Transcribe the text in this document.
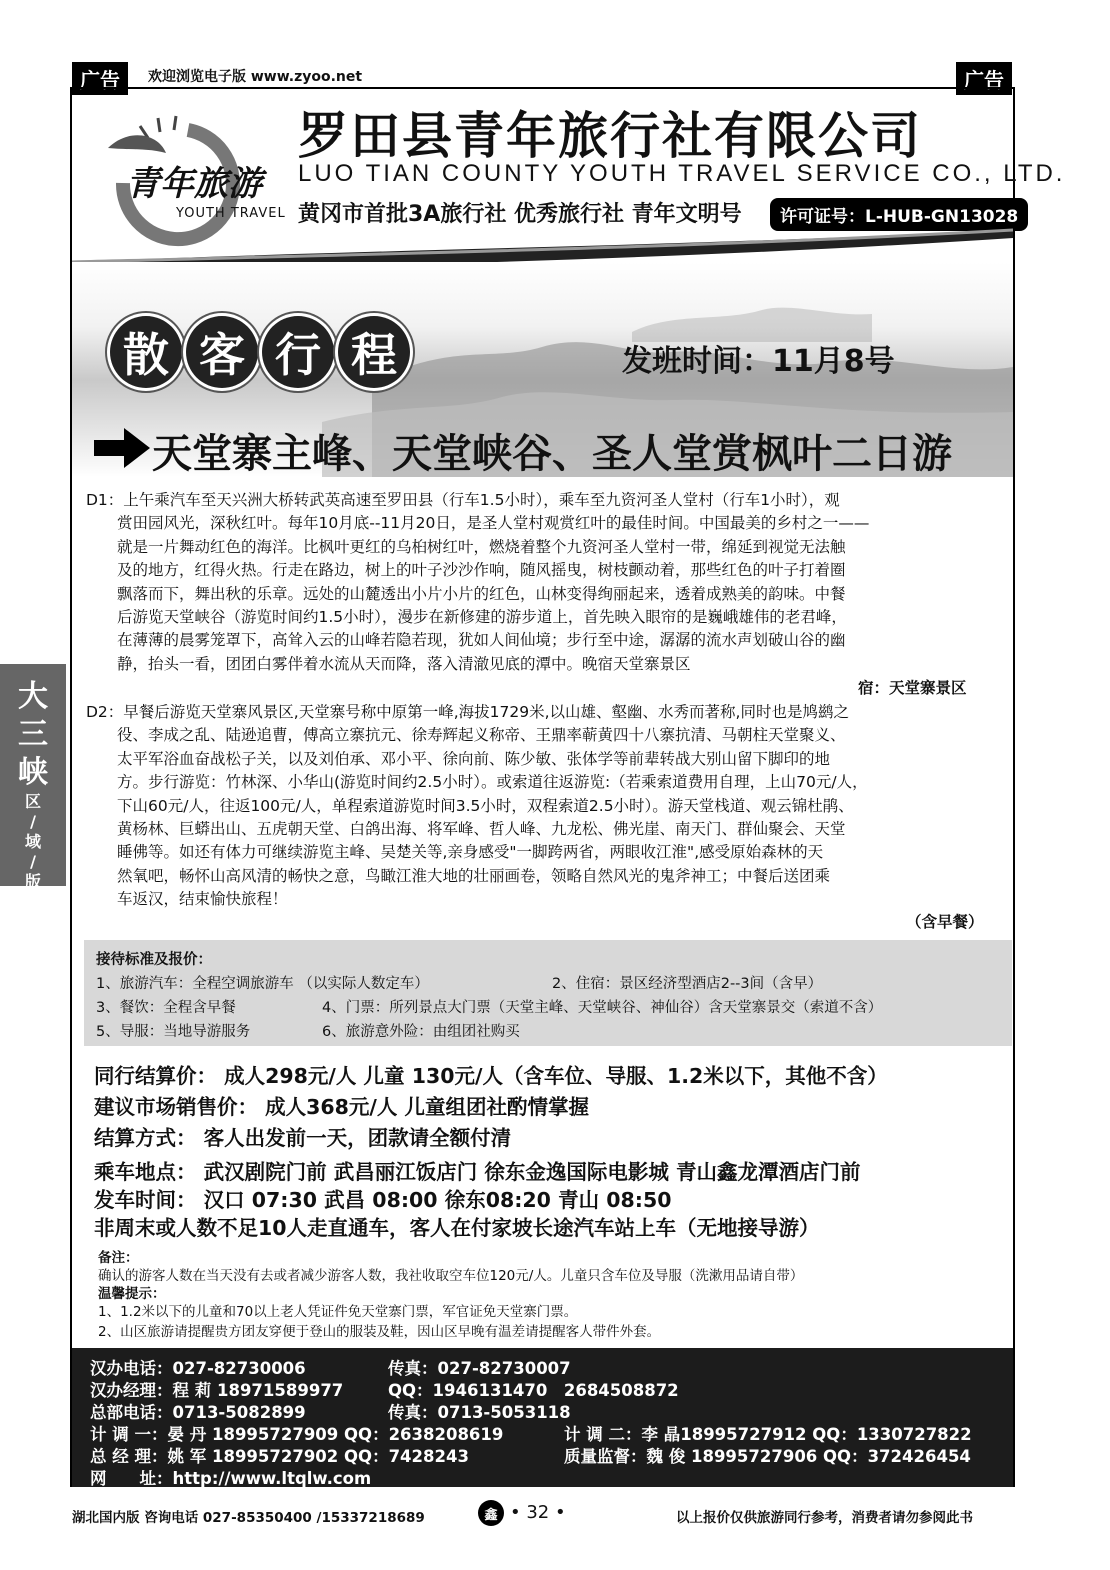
广告	欢迎浏览电子版 www.zyoo.net	广告
青年旅游
YOUTH TRAVEL
罗田县青年旅行社有限公司
LUO TIAN COUNTY YOUTH TRAVEL SERVICE CO., LTD.
黄冈市首批3A旅行社 优秀旅行社 青年文明号	许可证号：L-HUB-GN13028
散 客 行 程	发班时间：11月8号
天堂寨主峰、天堂峡谷、圣人堂赏枫叶二日游

D1：上午乘汽车至天兴洲大桥转武英高速至罗田县（行车1.5小时），乘车至九资河圣人堂村（行车1小时），观

　　赏田园风光，深秋红叶。每年10月底--11月20日，是圣人堂村观赏红叶的最佳时间。中国最美的乡村之一——

　　就是一片舞动红色的海洋。比枫叶更红的乌桕树红叶，燃烧着整个九资河圣人堂村一带，绵延到视觉无法触

　　及的地方，红得火热。行走在路边，树上的叶子沙沙作响，随风摇曳，树枝颤动着，那些红色的叶子打着圈

　　飘落而下，舞出秋的乐章。远处的山麓透出小片小片的红色，山林变得绚丽起来，透着成熟美的韵味。中餐

　　后游览天堂峡谷（游览时间约1.5小时），漫步在新修建的游步道上，首先映入眼帘的是巍峨雄伟的老君峰，

　　在薄薄的晨雾笼罩下，高耸入云的山峰若隐若现，犹如人间仙境；步行至中途，潺潺的流水声划破山谷的幽

　　静，抬头一看，团团白雾伴着水流从天而降，落入清澈见底的潭中。晚宿天堂寨景区

宿：天堂寨景区

D2：早餐后游览天堂寨风景区,天堂寨号称中原第一峰,海拔1729米,以山雄、壑幽、水秀而著称,同时也是鸠鹚之

　　役、李成之乱、陆逊追曹，傅高立寨抗元、徐寿辉起义称帝、王鼎率蕲黄四十八寨抗清、马朝柱天堂聚义、

　　太平军浴血奋战松子关，以及刘伯承、邓小平、徐向前、陈少敏、张体学等前辈转战大别山留下脚印的地

　　方。步行游览：竹林深、小华山(游览时间约2.5小时）。或索道往返游览:（若乘索道费用自理，上山70元/人，

　　下山60元/人，往返100元/人，单程索道游览时间3.5小时，双程索道2.5小时）。游天堂栈道、观云锦杜鹃、

　　黄杨林、巨蟒出山、五虎朝天堂、白鸽出海、将军峰、哲人峰、九龙松、佛光崖、南天门、群仙聚会、天堂

　　睡佛等。如还有体力可继续游览主峰、吴楚关等,亲身感受"一脚跨两省，两眼收江淮",感受原始森林的天

　　然氧吧，畅怀山高风清的畅快之意，鸟瞰江淮大地的壮丽画卷，领略自然风光的鬼斧神工；中餐后送团乘

　　车返汉，结束愉快旅程！

（含早餐）
大
三
峡
区
/
域
/
版
接待标准及报价：
1、旅游汽车：全程空调旅游车 （以实际人数定车）	2、住宿：景区经济型酒店2--3间（含早）
3、餐饮：全程含早餐	4、门票：所列景点大门票（天堂主峰、天堂峡谷、神仙谷）含天堂寨景交（索道不含）
5、导服：当地导游服务	6、旅游意外险：由组团社购买
同行结算价： 成人298元/人 儿童 130元/人（含车位、导服、1.2米以下，其他不含）
建议市场销售价： 成人368元/人 儿童组团社酌情掌握
结算方式： 客人出发前一天，团款请全额付清
乘车地点： 武汉剧院门前 武昌丽江饭店门 徐东金逸国际电影城 青山鑫龙潭酒店门前
发车时间： 汉口 07:30 武昌 08:00 徐东08:20 青山 08:50
非周末或人数不足10人走直通车，客人在付家坡长途汽车站上车（无地接导游）
备注：
确认的游客人数在当天没有去或者减少游客人数，我社收取空车位120元/人。儿童只含车位及导服（洗漱用品请自带）
温馨提示：
1、1.2米以下的儿童和70以上老人凭证件免天堂寨门票，军官证免天堂寨门票。
2、山区旅游请提醒贵方团友穿便于登山的服装及鞋，因山区早晚有温差请提醒客人带件外套。
汉办电话：027-82730006	传真：027-82730007
汉办经理：程 莉 18971589977	QQ：1946131470　2684508872
总部电话：0713-5082899	传真：0713-5053118
计 调 一：晏 丹 18995727909 QQ：2638208619	计 调 二：李 晶18995727912 QQ：1330727822
总 经 理：姚 军 18995727902 QQ：7428243	质量监督：魏 俊 18995727906 QQ：372426454
网　　址：http://www.ltqlw.com
湖北国内版 咨询电话 027-85350400 /15337218689	鑫 • 32 •	以上报价仅供旅游同行参考，消费者请勿参阅此书
